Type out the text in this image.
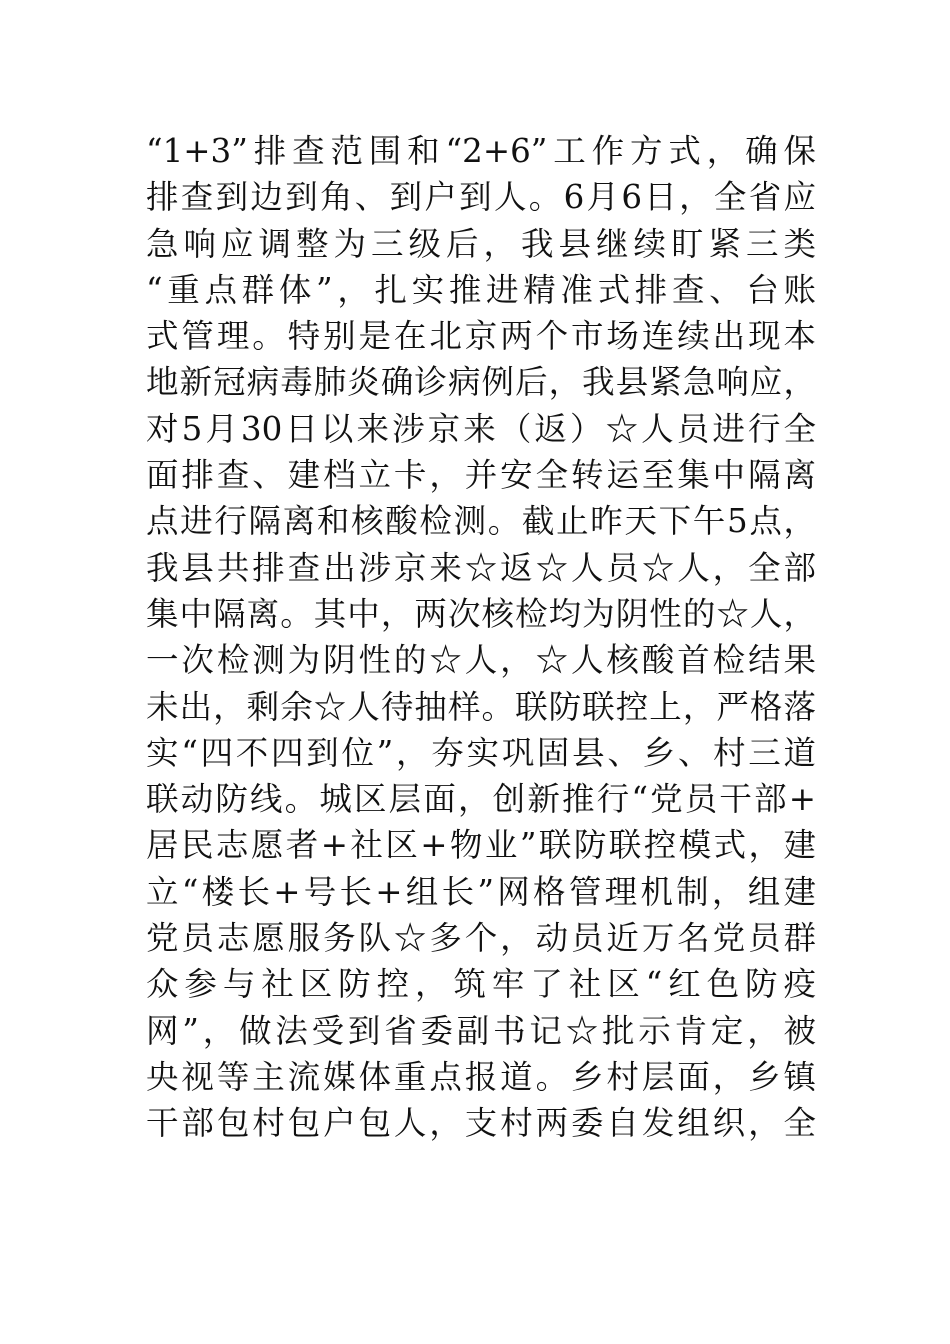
“1+3”排查范围和“2+6”工作方式，确保
排查到边到角、到户到人。6月6日，全省应
急响应调整为三级后，我县继续盯紧三类
“重点群体”，扎实推进精准式排查、台账
式管理。特别是在北京两个市场连续出现本
地新冠病毒肺炎确诊病例后，我县紧急响应，
对5月30日以来涉京来（返）☆人员进行全
面排查、建档立卡，并安全转运至集中隔离
点进行隔离和核酸检测。截止昨天下午5点，
我县共排查出涉京来☆返☆人员☆人，全部
集中隔离。其中，两次核检均为阴性的☆人，
一次检测为阴性的☆人，☆人核酸首检结果
未出，剩余☆人待抽样。联防联控上，严格落
实“四不四到位”，夯实巩固县、乡、村三道
联动防线。城区层面，创新推行“党员干部+
居民志愿者+社区+物业”联防联控模式，建
立“楼长+号长+组长”网格管理机制，组建
党员志愿服务队☆多个，动员近万名党员群
众参与社区防控，筑牢了社区“红色防疫
网”，做法受到省委副书记☆批示肯定，被
央视等主流媒体重点报道。乡村层面，乡镇
干部包村包户包人，支村两委自发组织，全
